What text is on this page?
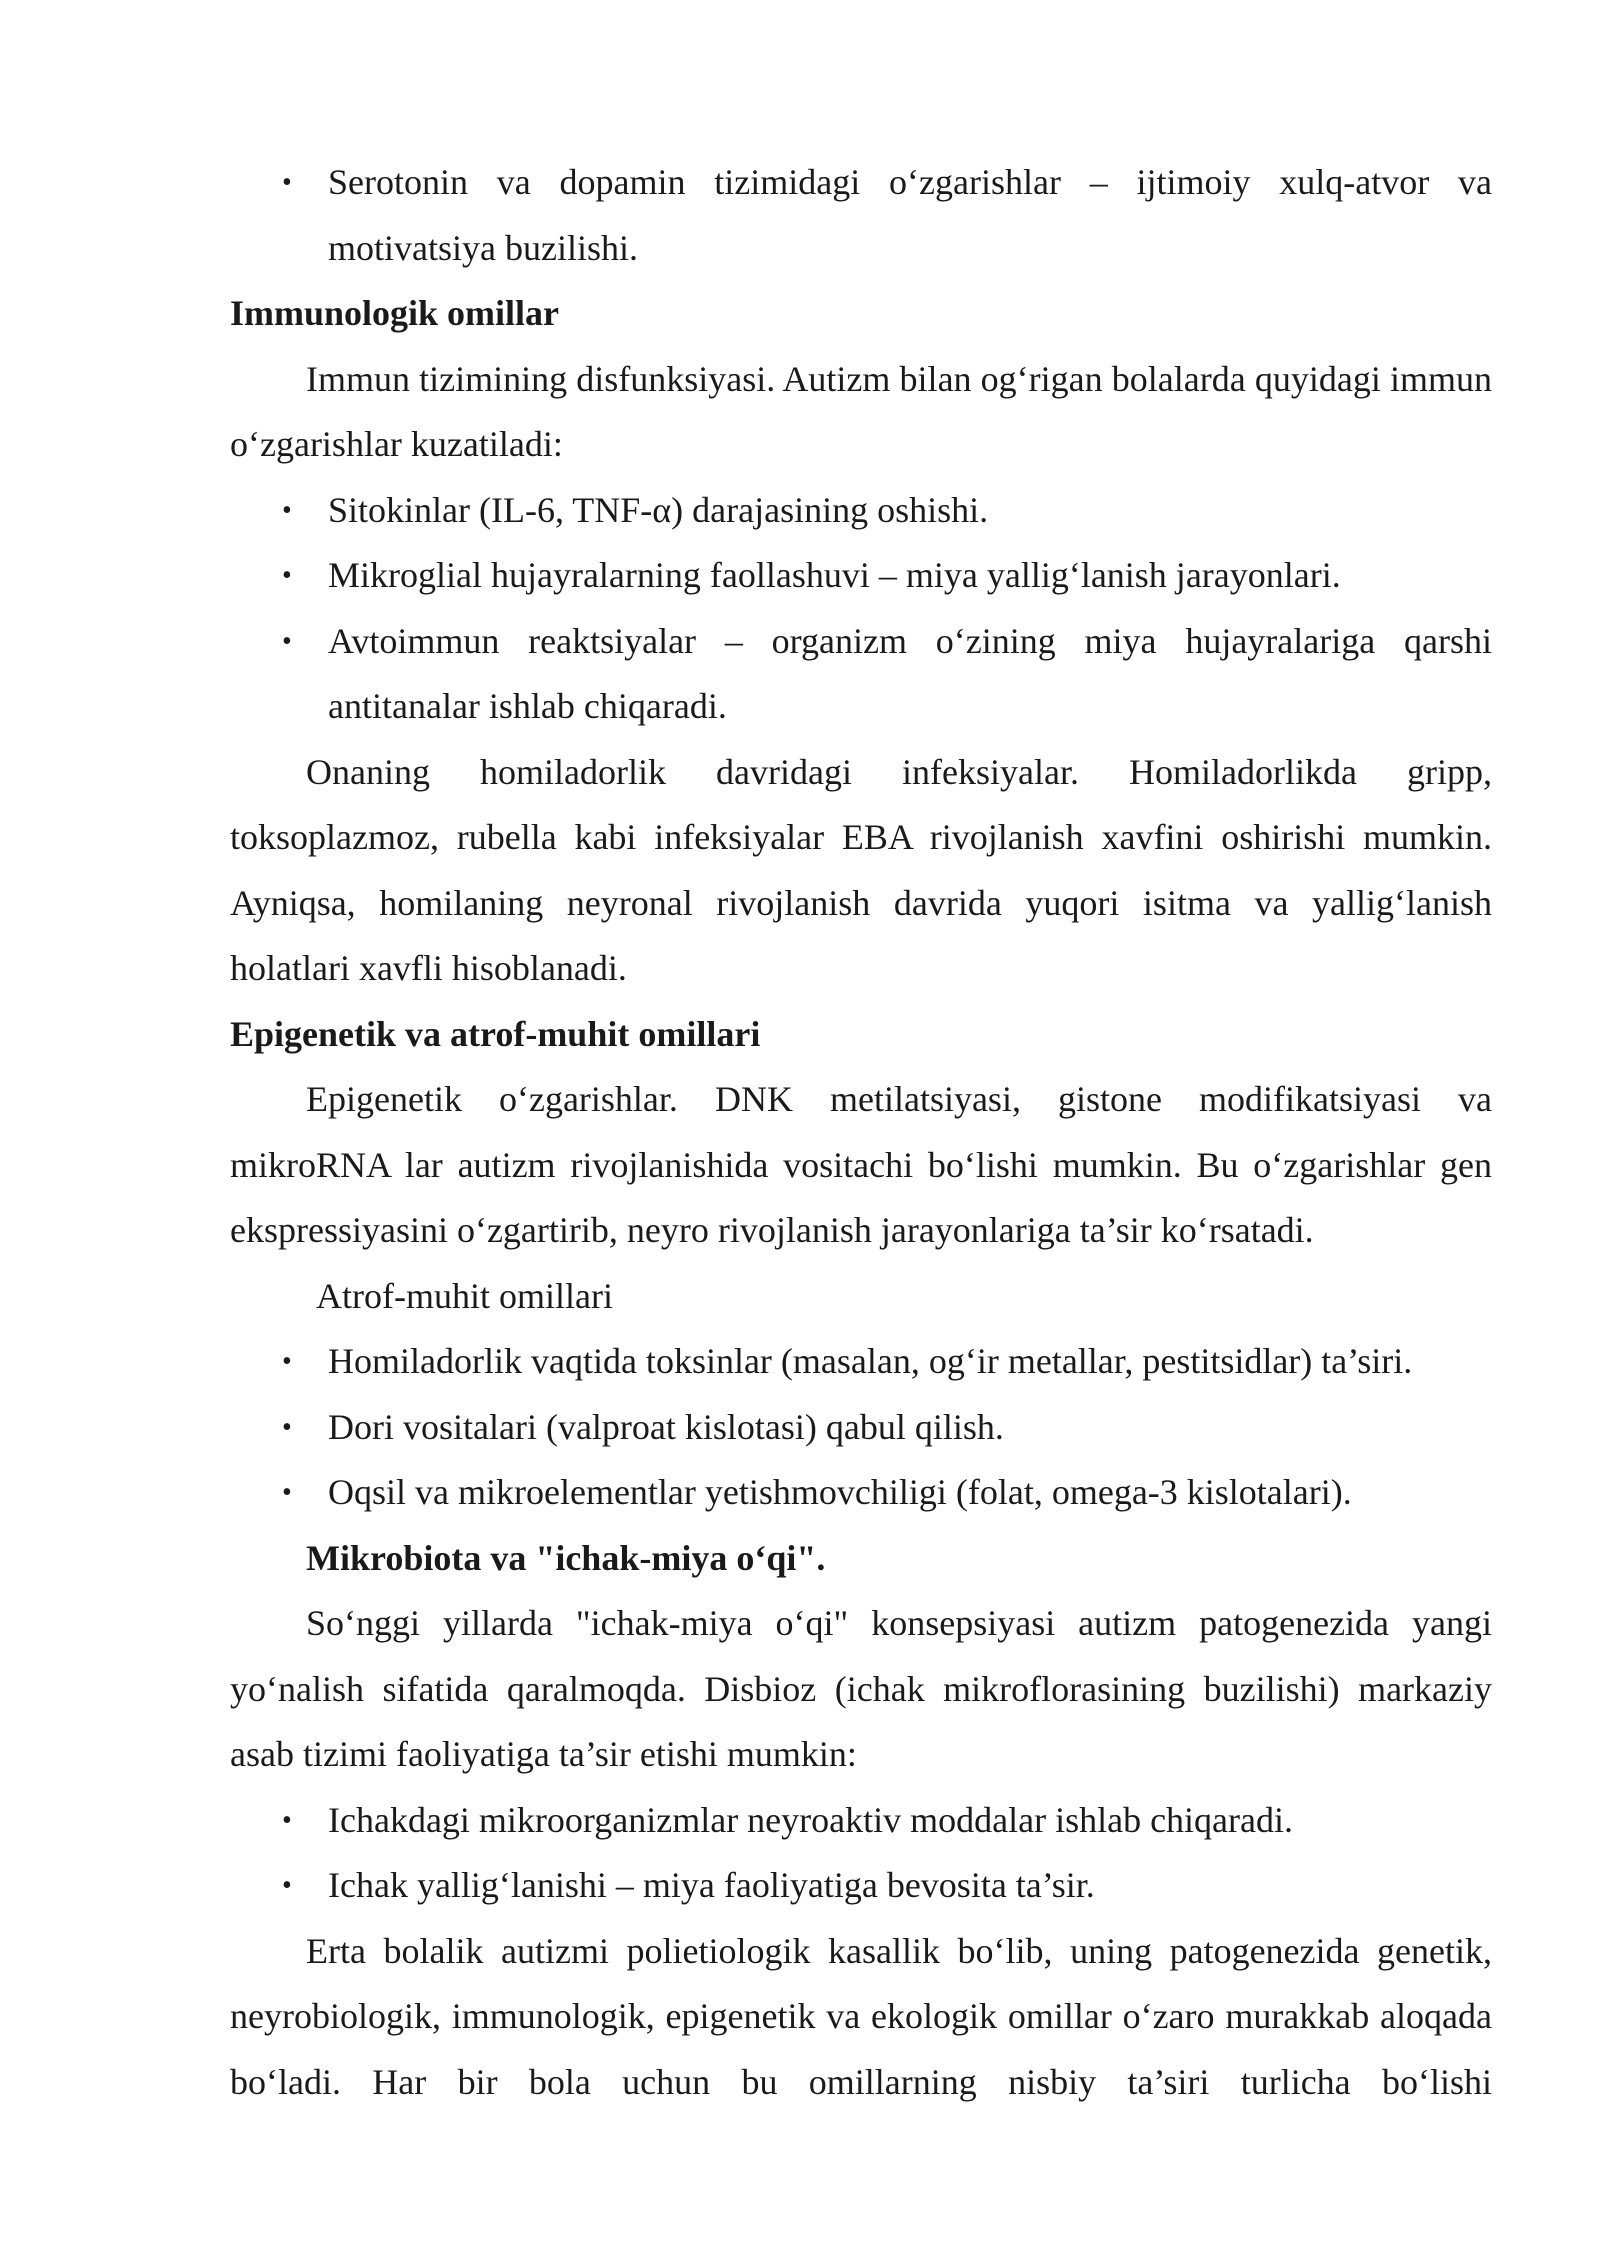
• Serotonin va dopamin tizimidagi o‘zgarishlar – ijtimoiy xulq-atvor va motivatsiya buzilishi.

Immunologik omillar

Immun tizimining disfunksiyasi. Autizm bilan og‘rigan bolalarda quyidagi immun o‘zgarishlar kuzatiladi:

• Sitokinlar (IL-6, TNF-α) darajasining oshishi.
• Mikroglial hujayralarning faollashuvi – miya yallig‘lanish jarayonlari.
• Avtoimmun reaktsiyalar – organizm o‘zining miya hujayralariga qarshi antitanalar ishlab chiqaradi.

Onaning homiladorlik davridagi infeksiyalar. Homiladorlikda gripp, toksoplazmoz, rubella kabi infeksiyalar EBA rivojlanish xavfini oshirishi mumkin. Ayniqsa, homilaning neyronal rivojlanish davrida yuqori isitma va yallig‘lanish holatlari xavfli hisoblanadi.

Epigenetik va atrof-muhit omillari

Epigenetik o‘zgarishlar. DNK metilatsiyasi, gistone modifikatsiyasi va mikroRNA lar autizm rivojlanishida vositachi bo‘lishi mumkin. Bu o‘zgarishlar gen ekspressiyasini o‘zgartirib, neyro rivojlanish jarayonlariga ta’sir ko‘rsatadi.

Atrof-muhit omillari

• Homiladorlik vaqtida toksinlar (masalan, og‘ir metallar, pestitsidlar) ta’siri.
• Dori vositalari (valproat kislotasi) qabul qilish.
• Oqsil va mikroelementlar yetishmovchiligi (folat, omega-3 kislotalari).

Mikrobiota va "ichak-miya o‘qi".

So‘nggi yillarda "ichak-miya o‘qi" konsepsiyasi autizm patogenezida yangi yo‘nalish sifatida qaralmoqda. Disbioz (ichak mikroflorasining buzilishi) markaziy asab tizimi faoliyatiga ta’sir etishi mumkin:

• Ichakdagi mikroorganizmlar neyroaktiv moddalar ishlab chiqaradi.
• Ichak yallig‘lanishi – miya faoliyatiga bevosita ta’sir.

Erta bolalik autizmi polietiologik kasallik bo‘lib, uning patogenezida genetik, neyrobiologik, immunologik, epigenetik va ekologik omillar o‘zaro murakkab aloqada bo‘ladi. Har bir bola uchun bu omillarning nisbiy ta’siri turlicha bo‘lishi
